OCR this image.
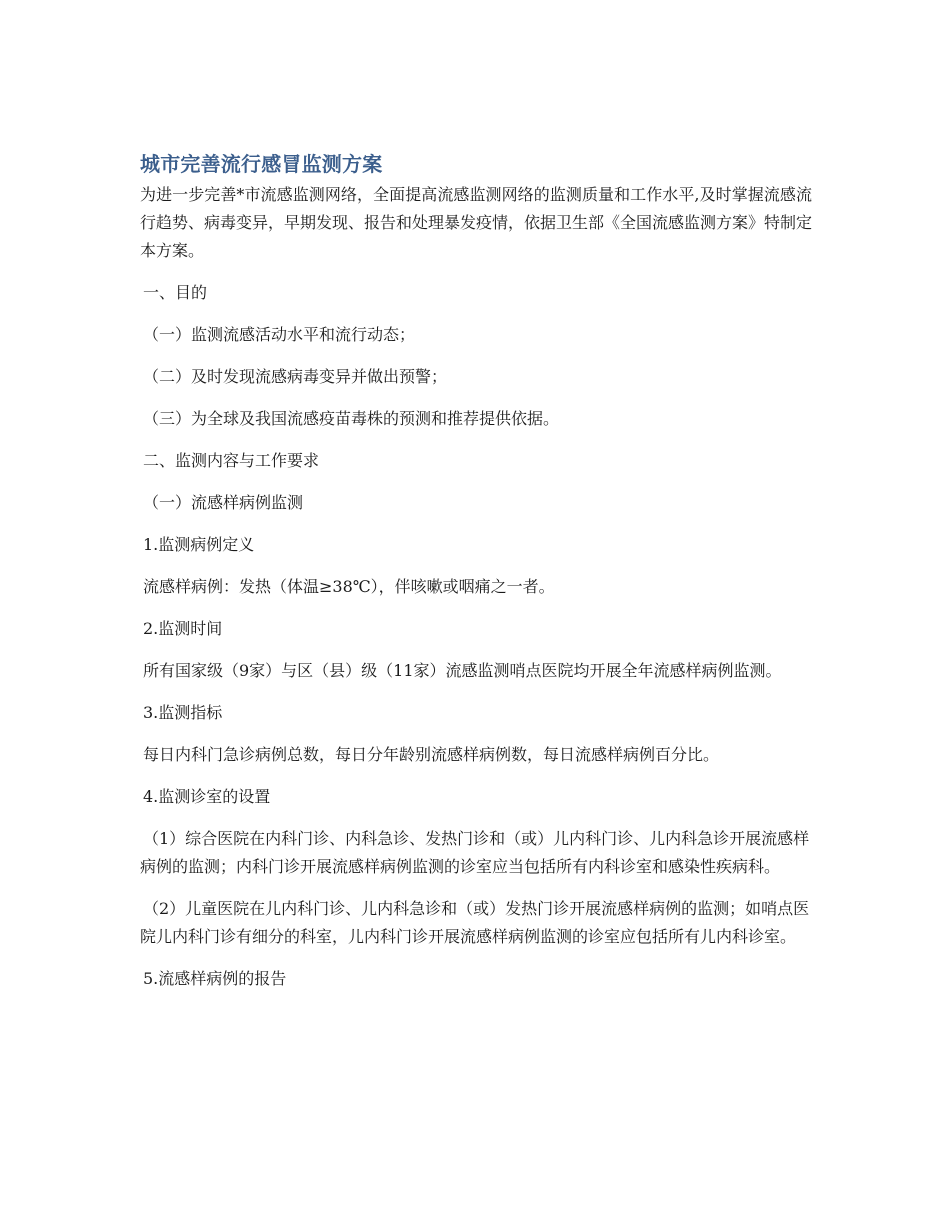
城市完善流行感冒监测方案

为进一步完善*市流感监测网络，全面提高流感监测网络的监测质量和工作水平,及时掌握流感流行趋势、病毒变异，早期发现、报告和处理暴发疫情，依据卫生部《全国流感监测方案》特制定本方案。

一、目的

（一）监测流感活动水平和流行动态；

（二）及时发现流感病毒变异并做出预警；

（三）为全球及我国流感疫苗毒株的预测和推荐提供依据。

二、监测内容与工作要求

（一）流感样病例监测

1.监测病例定义

流感样病例：发热（体温≥38℃），伴咳嗽或咽痛之一者。

2.监测时间

所有国家级（9家）与区（县）级（11家）流感监测哨点医院均开展全年流感样病例监测。

3.监测指标

每日内科门急诊病例总数，每日分年龄别流感样病例数，每日流感样病例百分比。

4.监测诊室的设置

（1）综合医院在内科门诊、内科急诊、发热门诊和（或）儿内科门诊、儿内科急诊开展流感样病例的监测；内科门诊开展流感样病例监测的诊室应当包括所有内科诊室和感染性疾病科。

（2）儿童医院在儿内科门诊、儿内科急诊和（或）发热门诊开展流感样病例的监测；如哨点医院儿内科门诊有细分的科室，儿内科门诊开展流感样病例监测的诊室应包括所有儿内科诊室。

5.流感样病例的报告
